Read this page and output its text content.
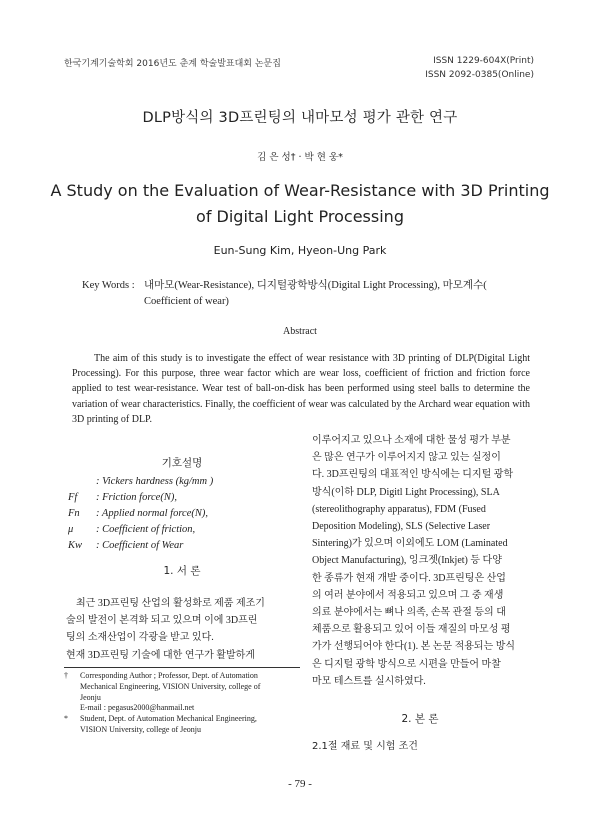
한국기계기술학회 2016년도 춘계 학술발표대회 논문집	ISSN 1229-604X(Print)
ISSN 2092-0385(Online)
DLP방식의 3D프린팅의 내마모성 평가 관한 연구
김 은 성† · 박 현 웅*
A Study on the Evaluation of Wear-Resistance with 3D Printing
of Digital Light Processing
Eun-Sung Kim, Hyeon-Ung Park
Key Words : 내마모(Wear-Resistance), 디지털광학방식(Digital Light Processing), 마모계수(
Coefficient of wear)
Abstract
The aim of this study is to investigate the effect of wear resistance with 3D printing of DLP(Digital Light Processing). For this purpose, three wear factor which are wear loss, coefficient of friction and friction force applied to test wear-resistance. Wear test of ball-on-disk has been performed using steel balls to determine the variation of wear characteristics. Finally, the coefficient of wear was calculated by the Archard wear equation with 3D printing of DLP.
기호설명
: Vickers hardness (kg/mm )
Ff : Friction force(N),
Fn : Applied normal force(N),
μ : Coefficient of friction,
Kw : Coefficient of Wear
1. 서 론
최근 3D프린팅 산업의 활성화로 제품 제조기
술의 발전이 본격화 되고 있으며 이에 3D프린
팅의 소재산업이 각광을 받고 있다.
현재 3D프린팅 기술에 대한 연구가 활발하게
†	Corresponding Author ; Professor, Dept. of Automation
Mechanical Engineering, VISION University, college of
Jeonju
E-mail : pegasus2000@hanmail.net
*	Student, Dept. of Automation Mechanical Engineering,
VISION University, college of Jeonju
이루어지고 있으나 소재에 대한 물성 평가 부분
은 많은 연구가 이루어지지 않고 있는 실정이
다. 3D프린팅의 대표적인 방식에는 디지털 광학
방식(이하 DLP, Digitl Light Processing), SLA
(stereolithography apparatus), FDM (Fused
Deposition Modeling), SLS (Selective Laser
Sintering)가 있으며 이외에도 LOM (Laminated
Object Manufacturing), 잉크젯(Inkjet) 등 다양
한 종류가 현재 개발 중이다. 3D프린팅은 산업
의 여러 분야에서 적용되고 있으며 그 중 재생
의료 분야에서는 뼈나 의족, 손목 관절 등의 대
체품으로 활용되고 있어 이들 재질의 마모성 평
가가 선행되어야 한다(1). 본 논문 적용되는 방식
은 디지털 광학 방식으로 시편을 만들어 마찰
마모 테스트를 실시하였다.
2. 본 론
2.1절 재료 및 시험 조건
- 79 -
